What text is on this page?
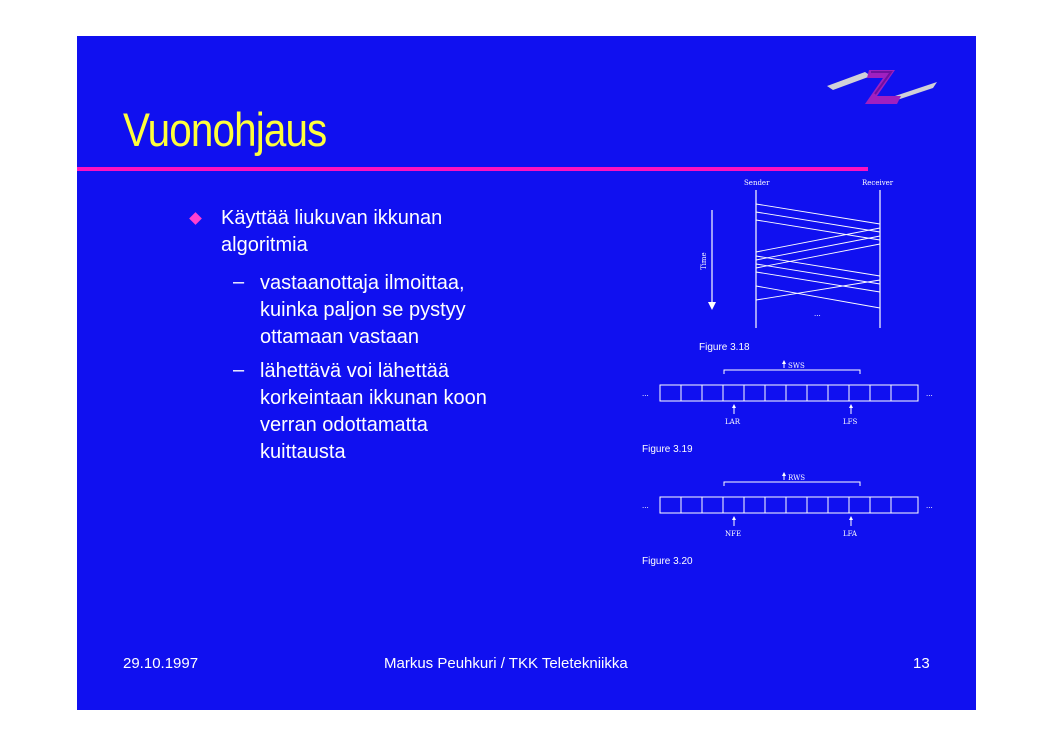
Vuonohjaus
Käyttää liukuvan ikkunan
algoritmia
– vastaanottaja ilmoittaa,
kuinka paljon se pystyy
ottamaan vastaan
– lähettävä voi lähettää
korkeintaan ikkunan koon
verran odottamatta
kuittausta
Sender	Receiver
Time
...
Figure 3.18
SWS
...	...
LAR	LFS
Figure 3.19
RWS
...	...
NFE	LFA
Figure 3.20
29.10.1997	Markus Peuhkuri / TKK Teletekniikka	13
